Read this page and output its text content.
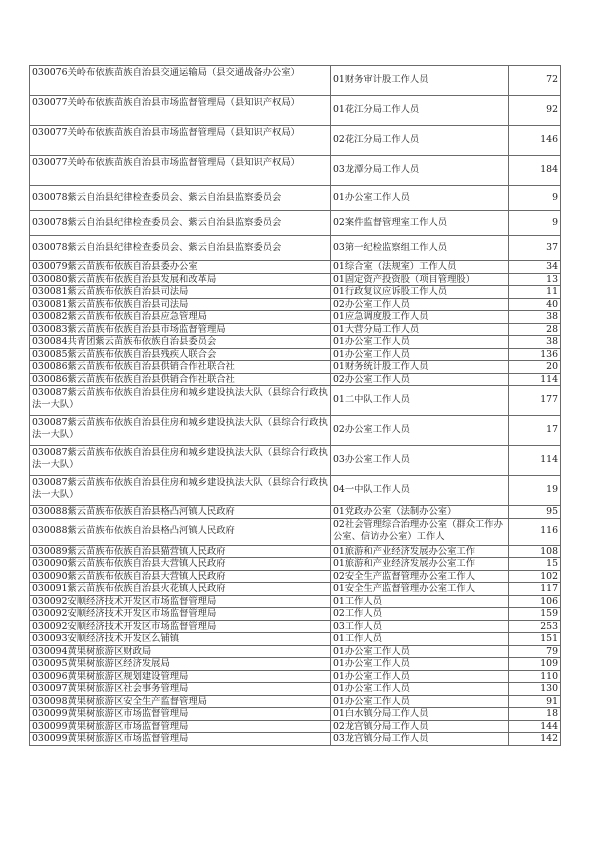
030076关岭布依族苗族自治县交通运输局（县交通战备办公室）	01财务审计股工作人员	72
030077关岭布依族苗族自治县市场监督管理局（县知识产权局）	01花江分局工作人员	92
030077关岭布依族苗族自治县市场监督管理局（县知识产权局）	02花江分局工作人员	146
030077关岭布依族苗族自治县市场监督管理局（县知识产权局）	03龙潭分局工作人员	184
030078紫云自治县纪律检查委员会、紫云自治县监察委员会	01办公室工作人员	9
030078紫云自治县纪律检查委员会、紫云自治县监察委员会	02案件监督管理室工作人员	9
030078紫云自治县纪律检查委员会、紫云自治县监察委员会	03第一纪检监察组工作人员	37
030079紫云苗族布依族自治县委办公室	01综合室（法规室）工作人员	34
030080紫云苗族布依族自治县发展和改革局	01固定资产投资股（项目管理股）	13
030081紫云苗族布依族自治县司法局	01行政复议应诉股工作人员	11
030081紫云苗族布依族自治县司法局	02办公室工作人员	40
030082紫云苗族布依族自治县应急管理局	01应急调度股工作人员	38
030083紫云苗族布依族自治县市场监督管理局	01大营分局工作人员	28
030084共青团紫云苗族布依族自治县委员会	01办公室工作人员	38
030085紫云苗族布依族自治县残疾人联合会	01办公室工作人员	136
030086紫云苗族布依族自治县供销合作社联合社	01财务统计股工作人员	20
030086紫云苗族布依族自治县供销合作社联合社	02办公室工作人员	114
030087紫云苗族布依族自治县住房和城乡建设执法大队（县综合行政执法一大队）	01二中队工作人员	177
030087紫云苗族布依族自治县住房和城乡建设执法大队（县综合行政执法一大队）	02办公室工作人员	17
030087紫云苗族布依族自治县住房和城乡建设执法大队（县综合行政执法一大队）	03办公室工作人员	114
030087紫云苗族布依族自治县住房和城乡建设执法大队（县综合行政执法一大队）	04一中队工作人员	19
030088紫云苗族布依族自治县格凸河镇人民政府	01党政办公室（法制办公室）	95
030088紫云苗族布依族自治县格凸河镇人民政府	02社会管理综合治理办公室（群众工作办公室、信访办公室）工作人	116
030089紫云苗族布依族自治县猫营镇人民政府	01旅游和产业经济发展办公室工作	108
030090紫云苗族布依族自治县大营镇人民政府	01旅游和产业经济发展办公室工作	15
030090紫云苗族布依族自治县大营镇人民政府	02安全生产监督管理办公室工作人	102
030091紫云苗族布依族自治县火花镇人民政府	01安全生产监督管理办公室工作人	117
030092安顺经济技术开发区市场监督管理局	01工作人员	106
030092安顺经济技术开发区市场监督管理局	02工作人员	159
030092安顺经济技术开发区市场监督管理局	03工作人员	253
030093安顺经济技术开发区么铺镇	01工作人员	151
030094黄果树旅游区财政局	01办公室工作人员	79
030095黄果树旅游区经济发展局	01办公室工作人员	109
030096黄果树旅游区规划建设管理局	01办公室工作人员	110
030097黄果树旅游区社会事务管理局	01办公室工作人员	130
030098黄果树旅游区安全生产监督管理局	01办公室工作人员	91
030099黄果树旅游区市场监督管理局	01白水镇分局工作人员	18
030099黄果树旅游区市场监督管理局	02龙宫镇分局工作人员	144
030099黄果树旅游区市场监督管理局	03龙宫镇分局工作人员	142
